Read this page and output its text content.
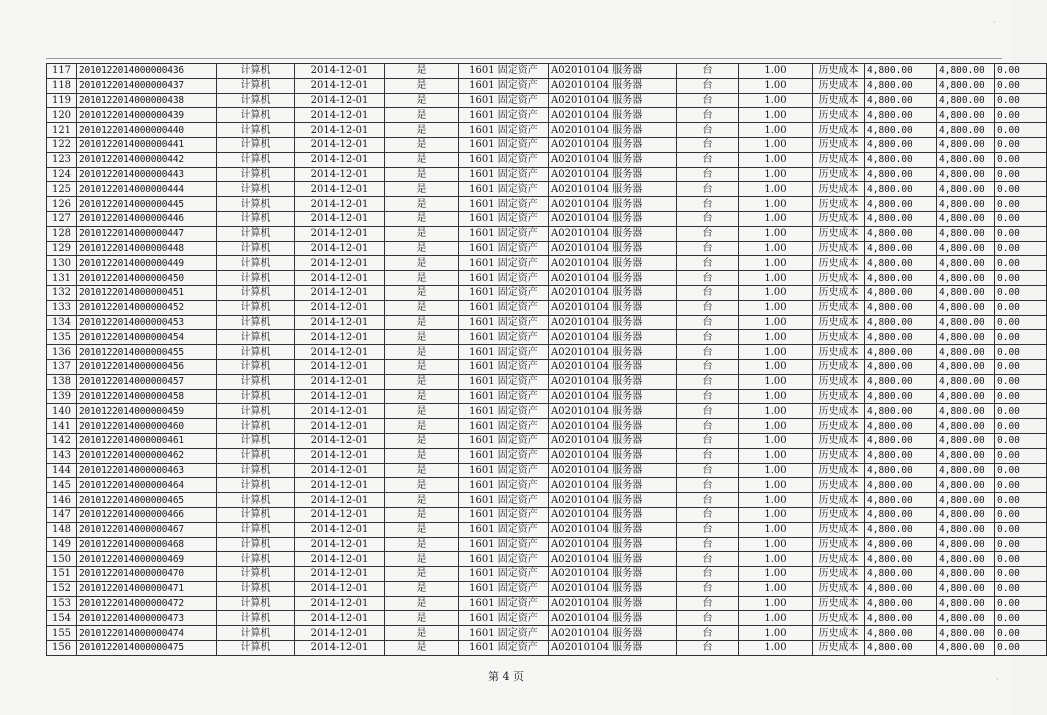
117	2010122014000000436	计算机	2014-12-01	是	1601 固定资产	A02010104 服务器	台	1.00	历史成本	4,800.00	4,800.00	0.00
118	2010122014000000437	计算机	2014-12-01	是	1601 固定资产	A02010104 服务器	台	1.00	历史成本	4,800.00	4,800.00	0.00
119	2010122014000000438	计算机	2014-12-01	是	1601 固定资产	A02010104 服务器	台	1.00	历史成本	4,800.00	4,800.00	0.00
120	2010122014000000439	计算机	2014-12-01	是	1601 固定资产	A02010104 服务器	台	1.00	历史成本	4,800.00	4,800.00	0.00
121	2010122014000000440	计算机	2014-12-01	是	1601 固定资产	A02010104 服务器	台	1.00	历史成本	4,800.00	4,800.00	0.00
122	2010122014000000441	计算机	2014-12-01	是	1601 固定资产	A02010104 服务器	台	1.00	历史成本	4,800.00	4,800.00	0.00
123	2010122014000000442	计算机	2014-12-01	是	1601 固定资产	A02010104 服务器	台	1.00	历史成本	4,800.00	4,800.00	0.00
124	2010122014000000443	计算机	2014-12-01	是	1601 固定资产	A02010104 服务器	台	1.00	历史成本	4,800.00	4,800.00	0.00
125	2010122014000000444	计算机	2014-12-01	是	1601 固定资产	A02010104 服务器	台	1.00	历史成本	4,800.00	4,800.00	0.00
126	2010122014000000445	计算机	2014-12-01	是	1601 固定资产	A02010104 服务器	台	1.00	历史成本	4,800.00	4,800.00	0.00
127	2010122014000000446	计算机	2014-12-01	是	1601 固定资产	A02010104 服务器	台	1.00	历史成本	4,800.00	4,800.00	0.00
128	2010122014000000447	计算机	2014-12-01	是	1601 固定资产	A02010104 服务器	台	1.00	历史成本	4,800.00	4,800.00	0.00
129	2010122014000000448	计算机	2014-12-01	是	1601 固定资产	A02010104 服务器	台	1.00	历史成本	4,800.00	4,800.00	0.00
130	2010122014000000449	计算机	2014-12-01	是	1601 固定资产	A02010104 服务器	台	1.00	历史成本	4,800.00	4,800.00	0.00
131	2010122014000000450	计算机	2014-12-01	是	1601 固定资产	A02010104 服务器	台	1.00	历史成本	4,800.00	4,800.00	0.00
132	2010122014000000451	计算机	2014-12-01	是	1601 固定资产	A02010104 服务器	台	1.00	历史成本	4,800.00	4,800.00	0.00
133	2010122014000000452	计算机	2014-12-01	是	1601 固定资产	A02010104 服务器	台	1.00	历史成本	4,800.00	4,800.00	0.00
134	2010122014000000453	计算机	2014-12-01	是	1601 固定资产	A02010104 服务器	台	1.00	历史成本	4,800.00	4,800.00	0.00
135	2010122014000000454	计算机	2014-12-01	是	1601 固定资产	A02010104 服务器	台	1.00	历史成本	4,800.00	4,800.00	0.00
136	2010122014000000455	计算机	2014-12-01	是	1601 固定资产	A02010104 服务器	台	1.00	历史成本	4,800.00	4,800.00	0.00
137	2010122014000000456	计算机	2014-12-01	是	1601 固定资产	A02010104 服务器	台	1.00	历史成本	4,800.00	4,800.00	0.00
138	2010122014000000457	计算机	2014-12-01	是	1601 固定资产	A02010104 服务器	台	1.00	历史成本	4,800.00	4,800.00	0.00
139	2010122014000000458	计算机	2014-12-01	是	1601 固定资产	A02010104 服务器	台	1.00	历史成本	4,800.00	4,800.00	0.00
140	2010122014000000459	计算机	2014-12-01	是	1601 固定资产	A02010104 服务器	台	1.00	历史成本	4,800.00	4,800.00	0.00
141	2010122014000000460	计算机	2014-12-01	是	1601 固定资产	A02010104 服务器	台	1.00	历史成本	4,800.00	4,800.00	0.00
142	2010122014000000461	计算机	2014-12-01	是	1601 固定资产	A02010104 服务器	台	1.00	历史成本	4,800.00	4,800.00	0.00
143	2010122014000000462	计算机	2014-12-01	是	1601 固定资产	A02010104 服务器	台	1.00	历史成本	4,800.00	4,800.00	0.00
144	2010122014000000463	计算机	2014-12-01	是	1601 固定资产	A02010104 服务器	台	1.00	历史成本	4,800.00	4,800.00	0.00
145	2010122014000000464	计算机	2014-12-01	是	1601 固定资产	A02010104 服务器	台	1.00	历史成本	4,800.00	4,800.00	0.00
146	2010122014000000465	计算机	2014-12-01	是	1601 固定资产	A02010104 服务器	台	1.00	历史成本	4,800.00	4,800.00	0.00
147	2010122014000000466	计算机	2014-12-01	是	1601 固定资产	A02010104 服务器	台	1.00	历史成本	4,800.00	4,800.00	0.00
148	2010122014000000467	计算机	2014-12-01	是	1601 固定资产	A02010104 服务器	台	1.00	历史成本	4,800.00	4,800.00	0.00
149	2010122014000000468	计算机	2014-12-01	是	1601 固定资产	A02010104 服务器	台	1.00	历史成本	4,800.00	4,800.00	0.00
150	2010122014000000469	计算机	2014-12-01	是	1601 固定资产	A02010104 服务器	台	1.00	历史成本	4,800.00	4,800.00	0.00
151	2010122014000000470	计算机	2014-12-01	是	1601 固定资产	A02010104 服务器	台	1.00	历史成本	4,800.00	4,800.00	0.00
152	2010122014000000471	计算机	2014-12-01	是	1601 固定资产	A02010104 服务器	台	1.00	历史成本	4,800.00	4,800.00	0.00
153	2010122014000000472	计算机	2014-12-01	是	1601 固定资产	A02010104 服务器	台	1.00	历史成本	4,800.00	4,800.00	0.00
154	2010122014000000473	计算机	2014-12-01	是	1601 固定资产	A02010104 服务器	台	1.00	历史成本	4,800.00	4,800.00	0.00
155	2010122014000000474	计算机	2014-12-01	是	1601 固定资产	A02010104 服务器	台	1.00	历史成本	4,800.00	4,800.00	0.00
156	2010122014000000475	计算机	2014-12-01	是	1601 固定资产	A02010104 服务器	台	1.00	历史成本	4,800.00	4,800.00	0.00
第 4 页
·
·
